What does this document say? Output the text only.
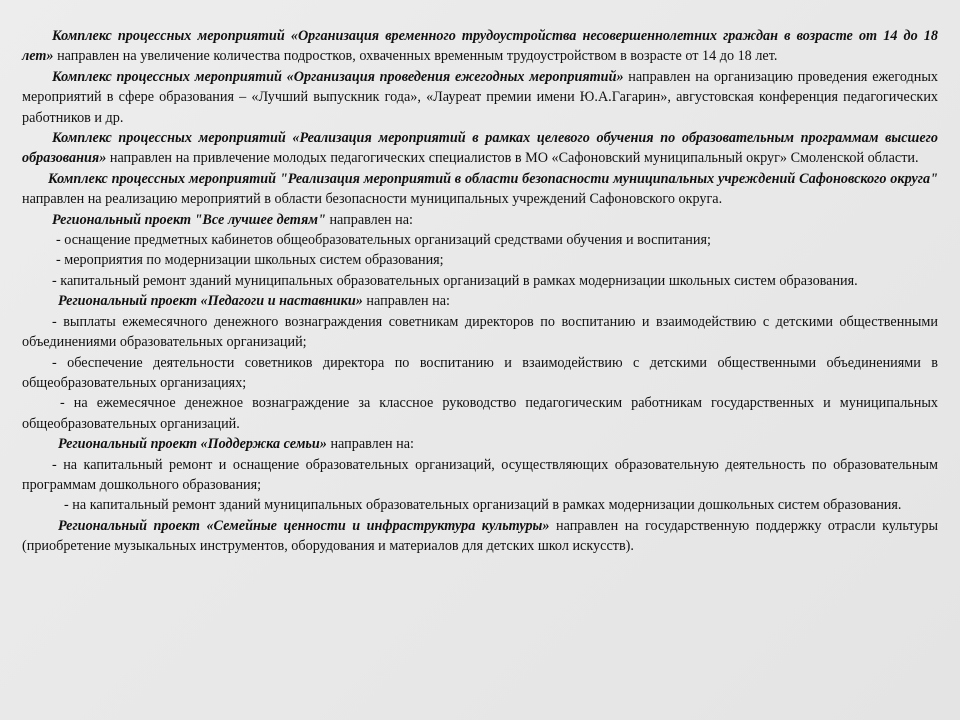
Комплекс процессных мероприятий «Организация временного трудоустройства несовершеннолетних граждан в возрасте от 14 до 18 лет» направлен на увеличение количества подростков, охваченных временным трудоустройством в возрасте от 14 до 18 лет.

Комплекс процессных мероприятий «Организация проведения ежегодных мероприятий» направлен на организацию проведения ежегодных мероприятий в сфере образования – «Лучший выпускник года», «Лауреат премии имени Ю.А.Гагарин», августовская конференция педагогических работников и др.

Комплекс процессных мероприятий «Реализация мероприятий в рамках целевого обучения по образовательным программам высшего образования» направлен на привлечение молодых педагогических специалистов в МО «Сафоновский муниципальный округ» Смоленской области.

Комплекс процессных мероприятий "Реализация мероприятий в области безопасности муниципальных учреждений Сафоновского округа" направлен на реализацию мероприятий в области безопасности муниципальных учреждений Сафоновского округа.

Региональный проект "Все лучшее детям" направлен на:

- оснащение предметных кабинетов общеобразовательных организаций средствами обучения и воспитания;

- мероприятия по модернизации школьных систем образования;

- капитальный ремонт зданий муниципальных образовательных организаций в рамках модернизации школьных систем образования.

Региональный проект «Педагоги и наставники» направлен на:

- выплаты ежемесячного денежного вознаграждения советникам директоров по воспитанию и взаимодействию с детскими общественными объединениями образовательных организаций;

- обеспечение деятельности советников директора по воспитанию и взаимодействию с детскими общественными объединениями в общеобразовательных организациях;

- на ежемесячное денежное вознаграждение за классное руководство педагогическим работникам государственных и муниципальных общеобразовательных организаций.

Региональный проект «Поддержка семьи» направлен на:

- на капитальный ремонт и оснащение образовательных организаций, осуществляющих образовательную деятельность по образовательным программам дошкольного образования;

- на капитальный ремонт зданий муниципальных образовательных организаций в рамках модернизации дошкольных систем образования.

Региональный проект «Семейные ценности и инфраструктура культуры» направлен на государственную поддержку отрасли культуры (приобретение музыкальных инструментов, оборудования и материалов для детских школ искусств).
